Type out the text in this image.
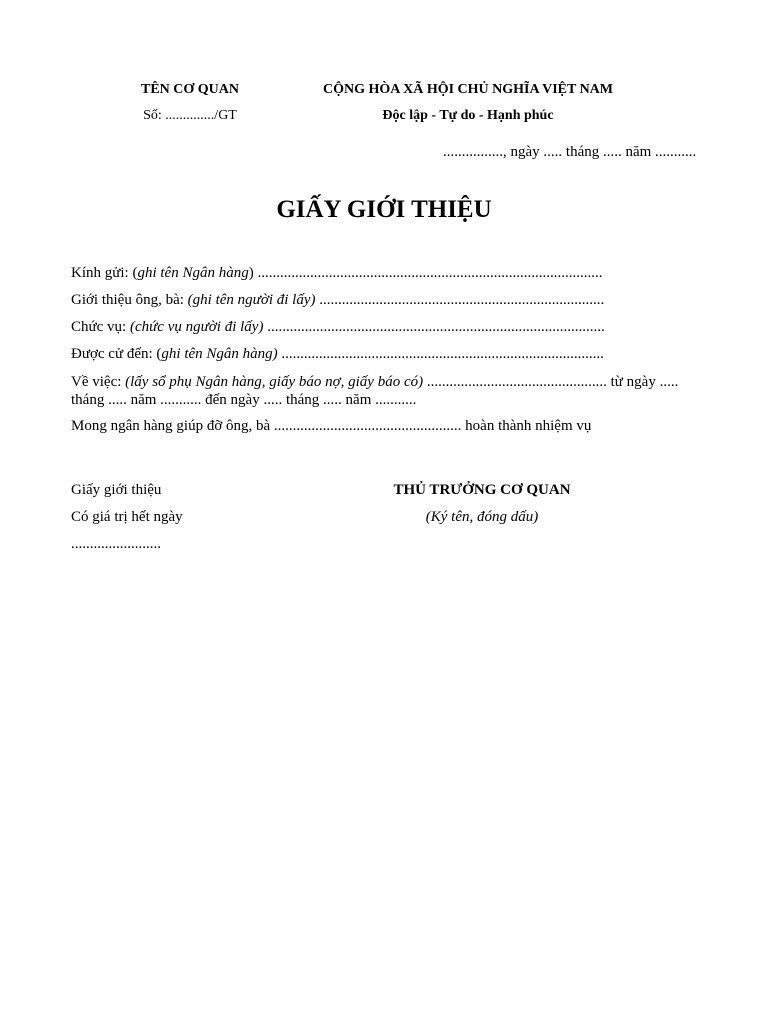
TÊN CƠ QUAN
Số: ............../GT
CỘNG HÒA XÃ HỘI CHỦ NGHĨA VIỆT NAM
Độc lập - Tự do - Hạnh phúc
................, ngày ..... tháng ..... năm ...........
GIẤY GIỚI THIỆU
Kính gửi: (ghi tên Ngân hàng) ............................................................................................
Giới thiệu ông, bà: (ghi tên người đi lấy) ............................................................................
Chức vụ: (chức vụ người đi lấy) ..........................................................................................
Được cử đến: (ghi tên Ngân hàng) ......................................................................................
Về việc: (lấy sổ phụ Ngân hàng, giấy báo nợ, giấy báo có) ................................................ từ ngày ..... tháng ..... năm ........... đến ngày ..... tháng ..... năm ...........
Mong ngân hàng giúp đỡ ông, bà .................................................. hoàn thành nhiệm vụ
Giấy giới thiệu
Có giá trị hết ngày
........................
THỦ TRƯỞNG CƠ QUAN
(Ký tên, đóng dấu)
